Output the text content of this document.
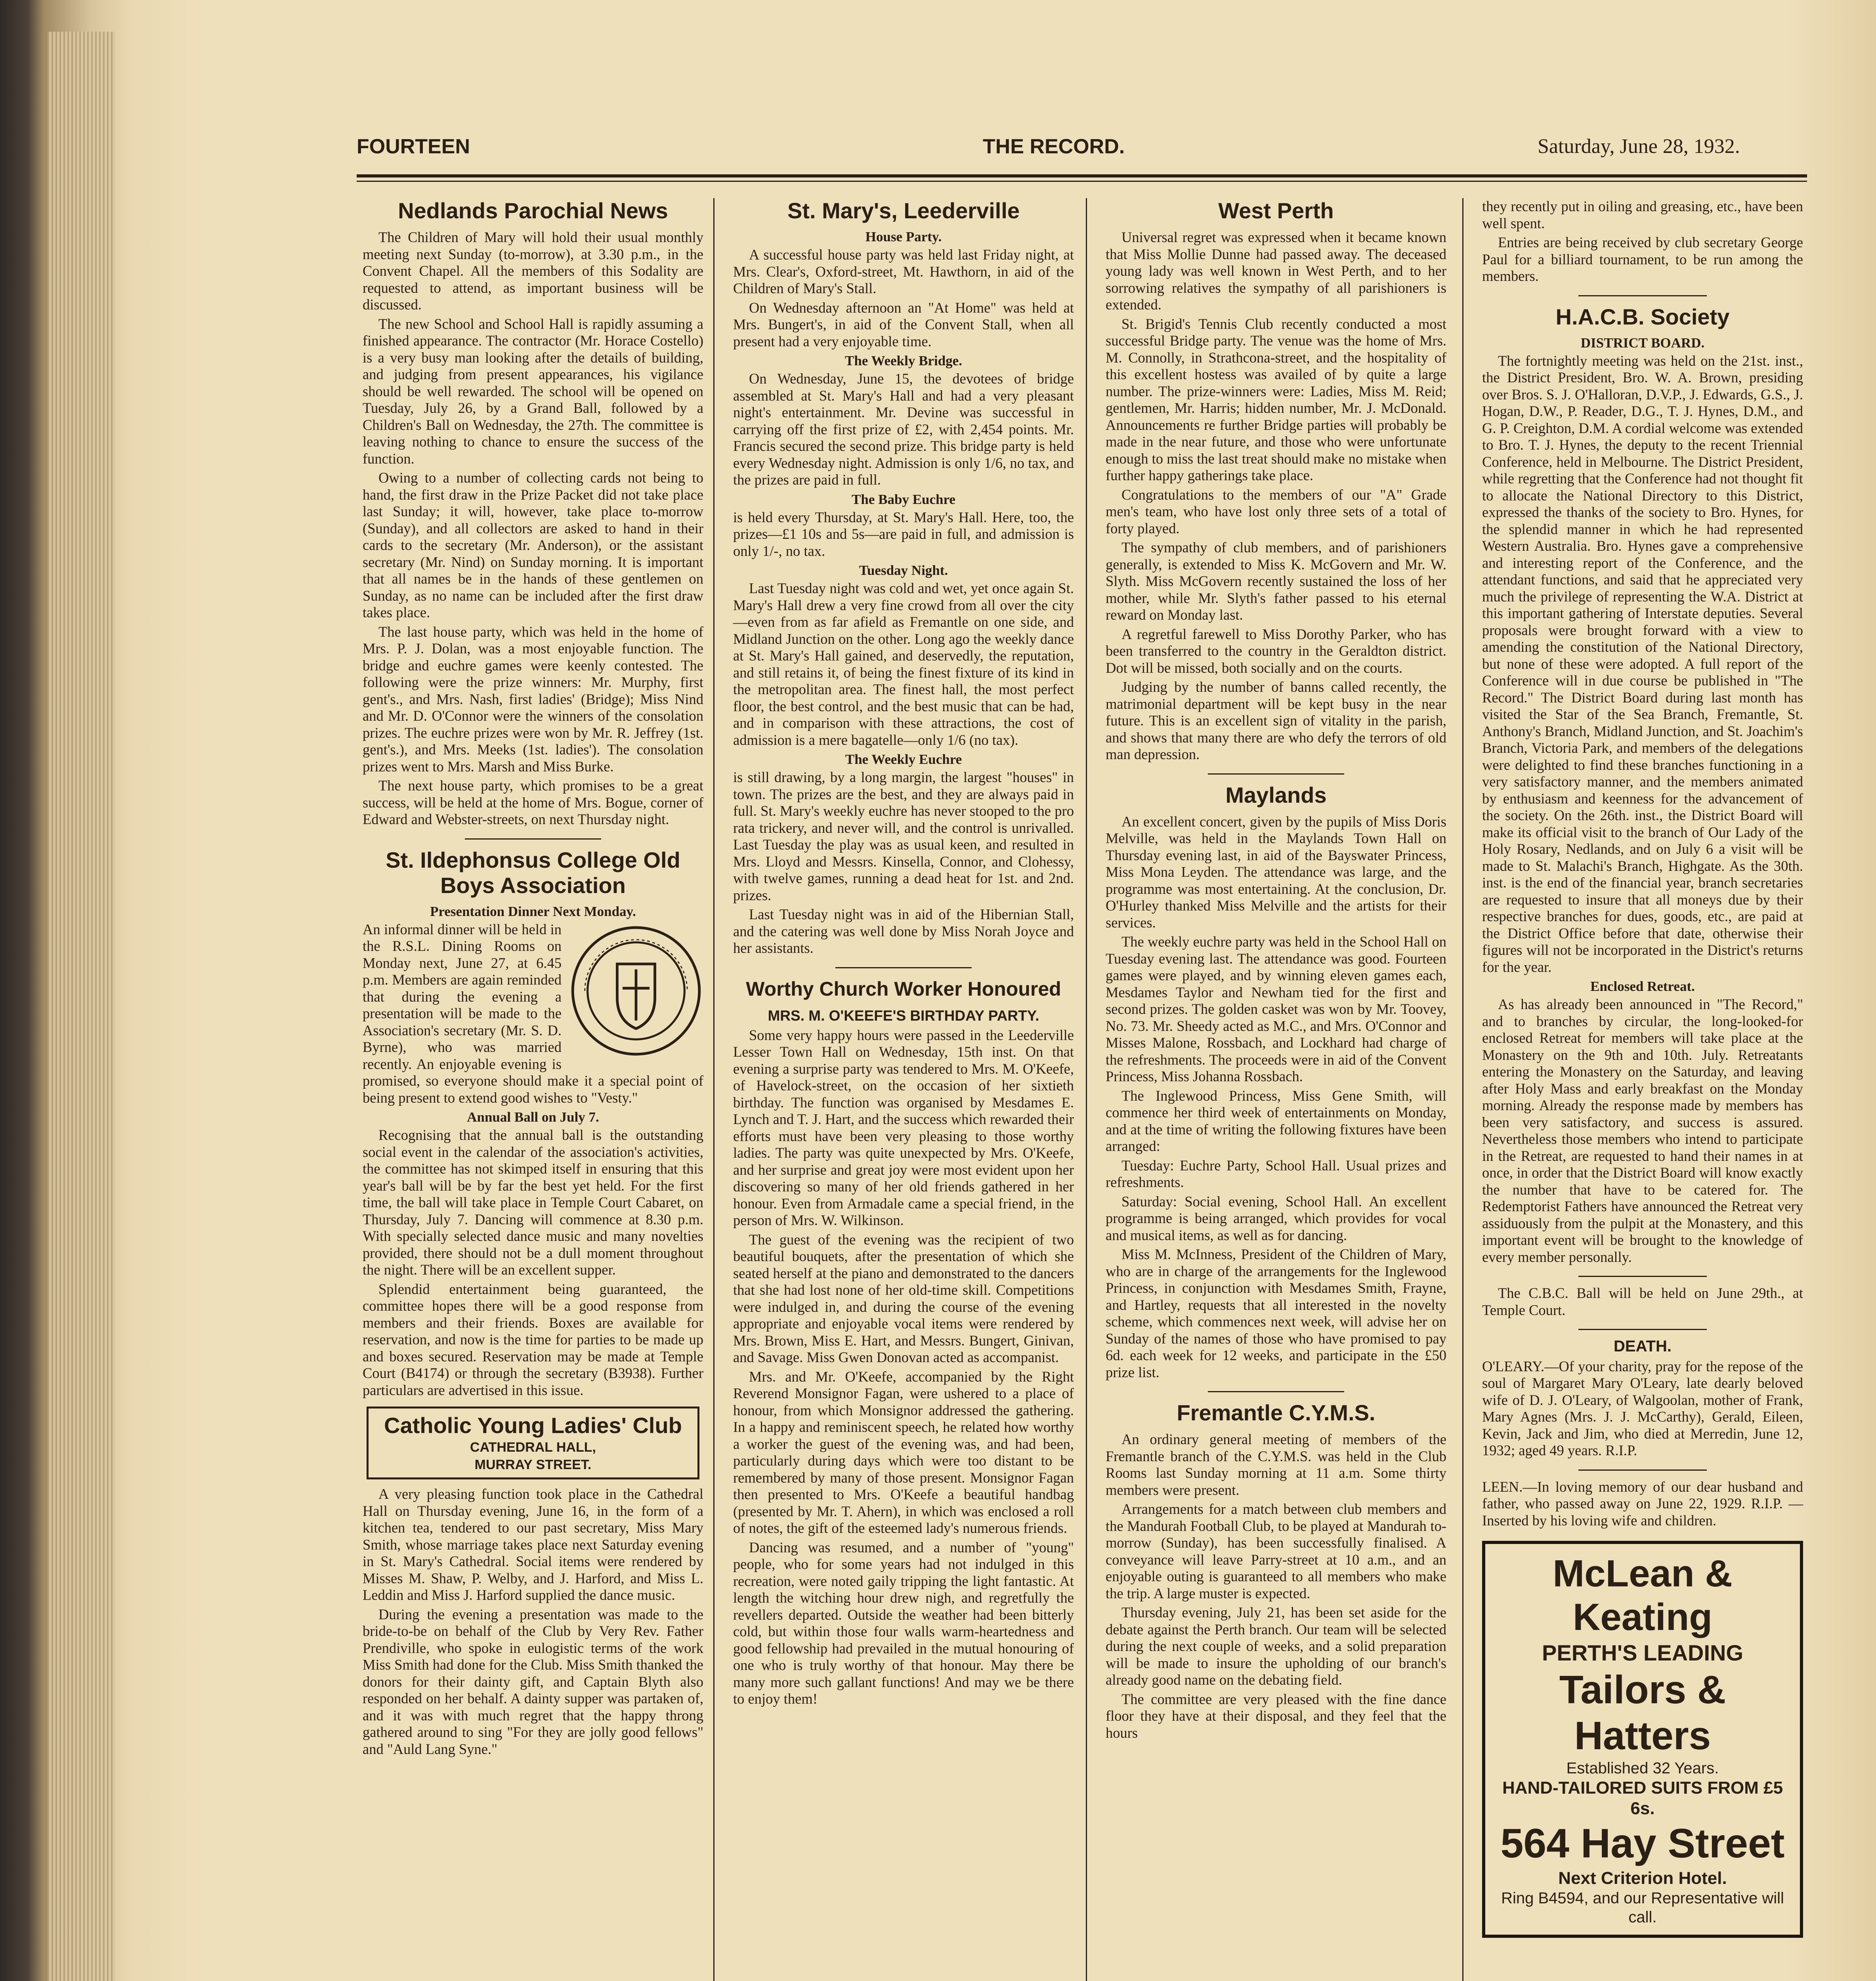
FOURTEEN	THE RECORD.	Saturday, June 28, 1932.
Nedlands Parochial News

The Children of Mary will hold their usual monthly meeting next Sunday (to-morrow), at 3.30 p.m., in the Convent Chapel. All the members of this Sodality are requested to attend, as important business will be discussed.

The new School and School Hall is rapidly assuming a finished appearance. The contractor (Mr. Horace Costello) is a very busy man looking after the details of building, and judging from present appearances, his vigilance should be well rewarded. The school will be opened on Tuesday, July 26, by a Grand Ball, followed by a Children's Ball on Wednesday, the 27th. The committee is leaving nothing to chance to ensure the success of the function.

Owing to a number of collecting cards not being to hand, the first draw in the Prize Packet did not take place last Sunday; it will, however, take place to-morrow (Sunday), and all collectors are asked to hand in their cards to the secretary (Mr. Anderson), or the assistant secretary (Mr. Nind) on Sunday morning. It is important that all names be in the hands of these gentlemen on Sunday, as no name can be included after the first draw takes place.

The last house party, which was held in the home of Mrs. P. J. Dolan, was a most enjoyable function. The bridge and euchre games were keenly contested. The following were the prize winners: Mr. Murphy, first gent's., and Mrs. Nash, first ladies' (Bridge); Miss Nind and Mr. D. O'Connor were the winners of the consolation prizes. The euchre prizes were won by Mr. R. Jeffrey (1st. gent's.), and Mrs. Meeks (1st. ladies'). The consolation prizes went to Mrs. Marsh and Miss Burke.

The next house party, which promises to be a great success, will be held at the home of Mrs. Bogue, corner of Edward and Webster-streets, on next Thursday night.

St. Ildephonsus College Old Boys Association
Presentation Dinner Next Monday.

An informal dinner will be held in the R.S.L. Dining Rooms on Monday next, June 27, at 6.45 p.m. Members are again reminded that during the evening a presentation will be made to the Association's secretary (Mr. S. D. Byrne), who was married recently. An enjoyable evening is promised, so everyone should make it a special point of being present to extend good wishes to "Vesty."

Annual Ball on July 7.

Recognising that the annual ball is the outstanding social event in the calendar of the association's activities, the committee has not skimped itself in ensuring that this year's ball will be by far the best yet held. For the first time, the ball will take place in Temple Court Cabaret, on Thursday, July 7. Dancing will commence at 8.30 p.m. With specially selected dance music and many novelties provided, there should not be a dull moment throughout the night. There will be an excellent supper.

Splendid entertainment being guaranteed, the committee hopes there will be a good response from members and their friends. Boxes are available for reservation, and now is the time for parties to be made up and boxes secured. Reservation may be made at Temple Court (B4174) or through the secretary (B3938). Further particulars are advertised in this issue.

Catholic Young Ladies' Club
CATHEDRAL HALL,
MURRAY STREET.

A very pleasing function took place in the Cathedral Hall on Thursday evening, June 16, in the form of a kitchen tea, tendered to our past secretary, Miss Mary Smith, whose marriage takes place next Saturday evening in St. Mary's Cathedral. Social items were rendered by Misses M. Shaw, P. Welby, and J. Harford, and Miss L. Leddin and Miss J. Harford supplied the dance music.

During the evening a presentation was made to the bride-to-be on behalf of the Club by Very Rev. Father Prendiville, who spoke in eulogistic terms of the work Miss Smith had done for the Club. Miss Smith thanked the donors for their dainty gift, and Captain Blyth also responded on her behalf. A dainty supper was partaken of, and it was with much regret that the happy throng gathered around to sing "For they are jolly good fellows" and "Auld Lang Syne."

St. Mary's, Leederville
House Party.

A successful house party was held last Friday night, at Mrs. Clear's, Oxford-street, Mt. Hawthorn, in aid of the Children of Mary's Stall.

On Wednesday afternoon an "At Home" was held at Mrs. Bungert's, in aid of the Convent Stall, when all present had a very enjoyable time.

The Weekly Bridge.

On Wednesday, June 15, the devotees of bridge assembled at St. Mary's Hall and had a very pleasant night's entertainment. Mr. Devine was successful in carrying off the first prize of £2, with 2,454 points. Mr. Francis secured the second prize. This bridge party is held every Wednesday night. Admission is only 1/6, no tax, and the prizes are paid in full.

The Baby Euchre

is held every Thursday, at St. Mary's Hall. Here, too, the prizes—£1 10s and 5s—are paid in full, and admission is only 1/-, no tax.

Tuesday Night.

Last Tuesday night was cold and wet, yet once again St. Mary's Hall drew a very fine crowd from all over the city—even from as far afield as Fremantle on one side, and Midland Junction on the other. Long ago the weekly dance at St. Mary's Hall gained, and deservedly, the reputation, and still retains it, of being the finest fixture of its kind in the metropolitan area. The finest hall, the most perfect floor, the best control, and the best music that can be had, and in comparison with these attractions, the cost of admission is a mere bagatelle—only 1/6 (no tax).

The Weekly Euchre

is still drawing, by a long margin, the largest "houses" in town. The prizes are the best, and they are always paid in full. St. Mary's weekly euchre has never stooped to the pro rata trickery, and never will, and the control is unrivalled. Last Tuesday the play was as usual keen, and resulted in Mrs. Lloyd and Messrs. Kinsella, Connor, and Clohessy, with twelve games, running a dead heat for 1st. and 2nd. prizes.

Last Tuesday night was in aid of the Hibernian Stall, and the catering was well done by Miss Norah Joyce and her assistants.

Worthy Church Worker Honoured
MRS. M. O'KEEFE'S BIRTHDAY PARTY.

Some very happy hours were passed in the Leederville Lesser Town Hall on Wednesday, 15th inst. On that evening a surprise party was tendered to Mrs. M. O'Keefe, of Havelock-street, on the occasion of her sixtieth birthday. The function was organised by Mesdames E. Lynch and T. J. Hart, and the success which rewarded their efforts must have been very pleasing to those worthy ladies. The party was quite unexpected by Mrs. O'Keefe, and her surprise and great joy were most evident upon her discovering so many of her old friends gathered in her honour. Even from Armadale came a special friend, in the person of Mrs. W. Wilkinson.

The guest of the evening was the recipient of two beautiful bouquets, after the presentation of which she seated herself at the piano and demonstrated to the dancers that she had lost none of her old-time skill. Competitions were indulged in, and during the course of the evening appropriate and enjoyable vocal items were rendered by Mrs. Brown, Miss E. Hart, and Messrs. Bungert, Ginivan, and Savage. Miss Gwen Donovan acted as accompanist.

Mrs. and Mr. O'Keefe, accompanied by the Right Reverend Monsignor Fagan, were ushered to a place of honour, from which Monsignor addressed the gathering. In a happy and reminiscent speech, he related how worthy a worker the guest of the evening was, and had been, particularly during days which were too distant to be remembered by many of those present. Monsignor Fagan then presented to Mrs. O'Keefe a beautiful handbag (presented by Mr. T. Ahern), in which was enclosed a roll of notes, the gift of the esteemed lady's numerous friends.

Dancing was resumed, and a number of "young" people, who for some years had not indulged in this recreation, were noted gaily tripping the light fantastic. At length the witching hour drew nigh, and regretfully the revellers departed. Outside the weather had been bitterly cold, but within those four walls warm-heartedness and good fellowship had prevailed in the mutual honouring of one who is truly worthy of that honour. May there be many more such gallant functions! And may we be there to enjoy them!

West Perth

Universal regret was expressed when it became known that Miss Mollie Dunne had passed away. The deceased young lady was well known in West Perth, and to her sorrowing relatives the sympathy of all parishioners is extended.

St. Brigid's Tennis Club recently conducted a most successful Bridge party. The venue was the home of Mrs. M. Connolly, in Strathcona-street, and the hospitality of this excellent hostess was availed of by quite a large number. The prize-winners were: Ladies, Miss M. Reid; gentlemen, Mr. Harris; hidden number, Mr. J. McDonald. Announcements re further Bridge parties will probably be made in the near future, and those who were unfortunate enough to miss the last treat should make no mistake when further happy gatherings take place.

Congratulations to the members of our "A" Grade men's team, who have lost only three sets of a total of forty played.

The sympathy of club members, and of parishioners generally, is extended to Miss K. McGovern and Mr. W. Slyth. Miss McGovern recently sustained the loss of her mother, while Mr. Slyth's father passed to his eternal reward on Monday last.

A regretful farewell to Miss Dorothy Parker, who has been transferred to the country in the Geraldton district. Dot will be missed, both socially and on the courts.

Judging by the number of banns called recently, the matrimonial department will be kept busy in the near future. This is an excellent sign of vitality in the parish, and shows that many there are who defy the terrors of old man depression.

Maylands

An excellent concert, given by the pupils of Miss Doris Melville, was held in the Maylands Town Hall on Thursday evening last, in aid of the Bayswater Princess, Miss Mona Leyden. The attendance was large, and the programme was most entertaining. At the conclusion, Dr. O'Hurley thanked Miss Melville and the artists for their services.

The weekly euchre party was held in the School Hall on Tuesday evening last. The attendance was good. Fourteen games were played, and by winning eleven games each, Mesdames Taylor and Newham tied for the first and second prizes. The golden casket was won by Mr. Toovey, No. 73. Mr. Sheedy acted as M.C., and Mrs. O'Connor and Misses Malone, Rossbach, and Lockhard had charge of the refreshments. The proceeds were in aid of the Convent Princess, Miss Johanna Rossbach.

The Inglewood Princess, Miss Gene Smith, will commence her third week of entertainments on Monday, and at the time of writing the following fixtures have been arranged:

Tuesday: Euchre Party, School Hall. Usual prizes and refreshments.

Saturday: Social evening, School Hall. An excellent programme is being arranged, which provides for vocal and musical items, as well as for dancing.

Miss M. McInness, President of the Children of Mary, who are in charge of the arrangements for the Inglewood Princess, in conjunction with Mesdames Smith, Frayne, and Hartley, requests that all interested in the novelty scheme, which commences next week, will advise her on Sunday of the names of those who have promised to pay 6d. each week for 12 weeks, and participate in the £50 prize list.

Fremantle C.Y.M.S.

An ordinary general meeting of members of the Fremantle branch of the C.Y.M.S. was held in the Club Rooms last Sunday morning at 11 a.m. Some thirty members were present.

Arrangements for a match between club members and the Mandurah Football Club, to be played at Mandurah to-morrow (Sunday), has been successfully finalised. A conveyance will leave Parry-street at 10 a.m., and an enjoyable outing is guaranteed to all members who make the trip. A large muster is expected.

Thursday evening, July 21, has been set aside for the debate against the Perth branch. Our team will be selected during the next couple of weeks, and a solid preparation will be made to insure the upholding of our branch's already good name on the debating field.

The committee are very pleased with the fine dance floor they have at their disposal, and they feel that the hours

they recently put in oiling and greasing, etc., have been well spent.

Entries are being received by club secretary George Paul for a billiard tournament, to be run among the members.

H.A.C.B. Society
DISTRICT BOARD.

The fortnightly meeting was held on the 21st. inst., the District President, Bro. W. A. Brown, presiding over Bros. S. J. O'Halloran, D.V.P., J. Edwards, G.S., J. Hogan, D.W., P. Reader, D.G., T. J. Hynes, D.M., and G. P. Creighton, D.M. A cordial welcome was extended to Bro. T. J. Hynes, the deputy to the recent Triennial Conference, held in Melbourne. The District President, while regretting that the Conference had not thought fit to allocate the National Directory to this District, expressed the thanks of the society to Bro. Hynes, for the splendid manner in which he had represented Western Australia. Bro. Hynes gave a comprehensive and interesting report of the Conference, and the attendant functions, and said that he appreciated very much the privilege of representing the W.A. District at this important gathering of Interstate deputies. Several proposals were brought forward with a view to amending the constitution of the National Directory, but none of these were adopted. A full report of the Conference will in due course be published in "The Record." The District Board during last month has visited the Star of the Sea Branch, Fremantle, St. Anthony's Branch, Midland Junction, and St. Joachim's Branch, Victoria Park, and members of the delegations were delighted to find these branches functioning in a very satisfactory manner, and the members animated by enthusiasm and keenness for the advancement of the society. On the 26th. inst., the District Board will make its official visit to the branch of Our Lady of the Holy Rosary, Nedlands, and on July 6 a visit will be made to St. Malachi's Branch, Highgate. As the 30th. inst. is the end of the financial year, branch secretaries are requested to insure that all moneys due by their respective branches for dues, goods, etc., are paid at the District Office before that date, otherwise their figures will not be incorporated in the District's returns for the year.

Enclosed Retreat.

As has already been announced in "The Record," and to branches by circular, the long-looked-for enclosed Retreat for members will take place at the Monastery on the 9th and 10th. July. Retreatants entering the Monastery on the Saturday, and leaving after Holy Mass and early breakfast on the Monday morning. Already the response made by members has been very satisfactory, and success is assured. Nevertheless those members who intend to participate in the Retreat, are requested to hand their names in at once, in order that the District Board will know exactly the number that have to be catered for. The Redemptorist Fathers have announced the Retreat very assiduously from the pulpit at the Monastery, and this important event will be brought to the knowledge of every member personally.

The C.B.C. Ball will be held on June 29th., at Temple Court.

DEATH.

O'LEARY.—Of your charity, pray for the repose of the soul of Margaret Mary O'Leary, late dearly beloved wife of D. J. O'Leary, of Walgoolan, mother of Frank, Mary Agnes (Mrs. J. J. McCarthy), Gerald, Eileen, Kevin, Jack and Jim, who died at Merredin, June 12, 1932; aged 49 years. R.I.P.

LEEN.—In loving memory of our dear husband and father, who passed away on June 22, 1929. R.I.P. —Inserted by his loving wife and children.

McLean & Keating
PERTH'S LEADING
Tailors & Hatters
Established 32 Years.
HAND-TAILORED SUITS FROM £5 6s.
564 Hay Street
Next Criterion Hotel.
Ring B4594, and our Representative will call.
